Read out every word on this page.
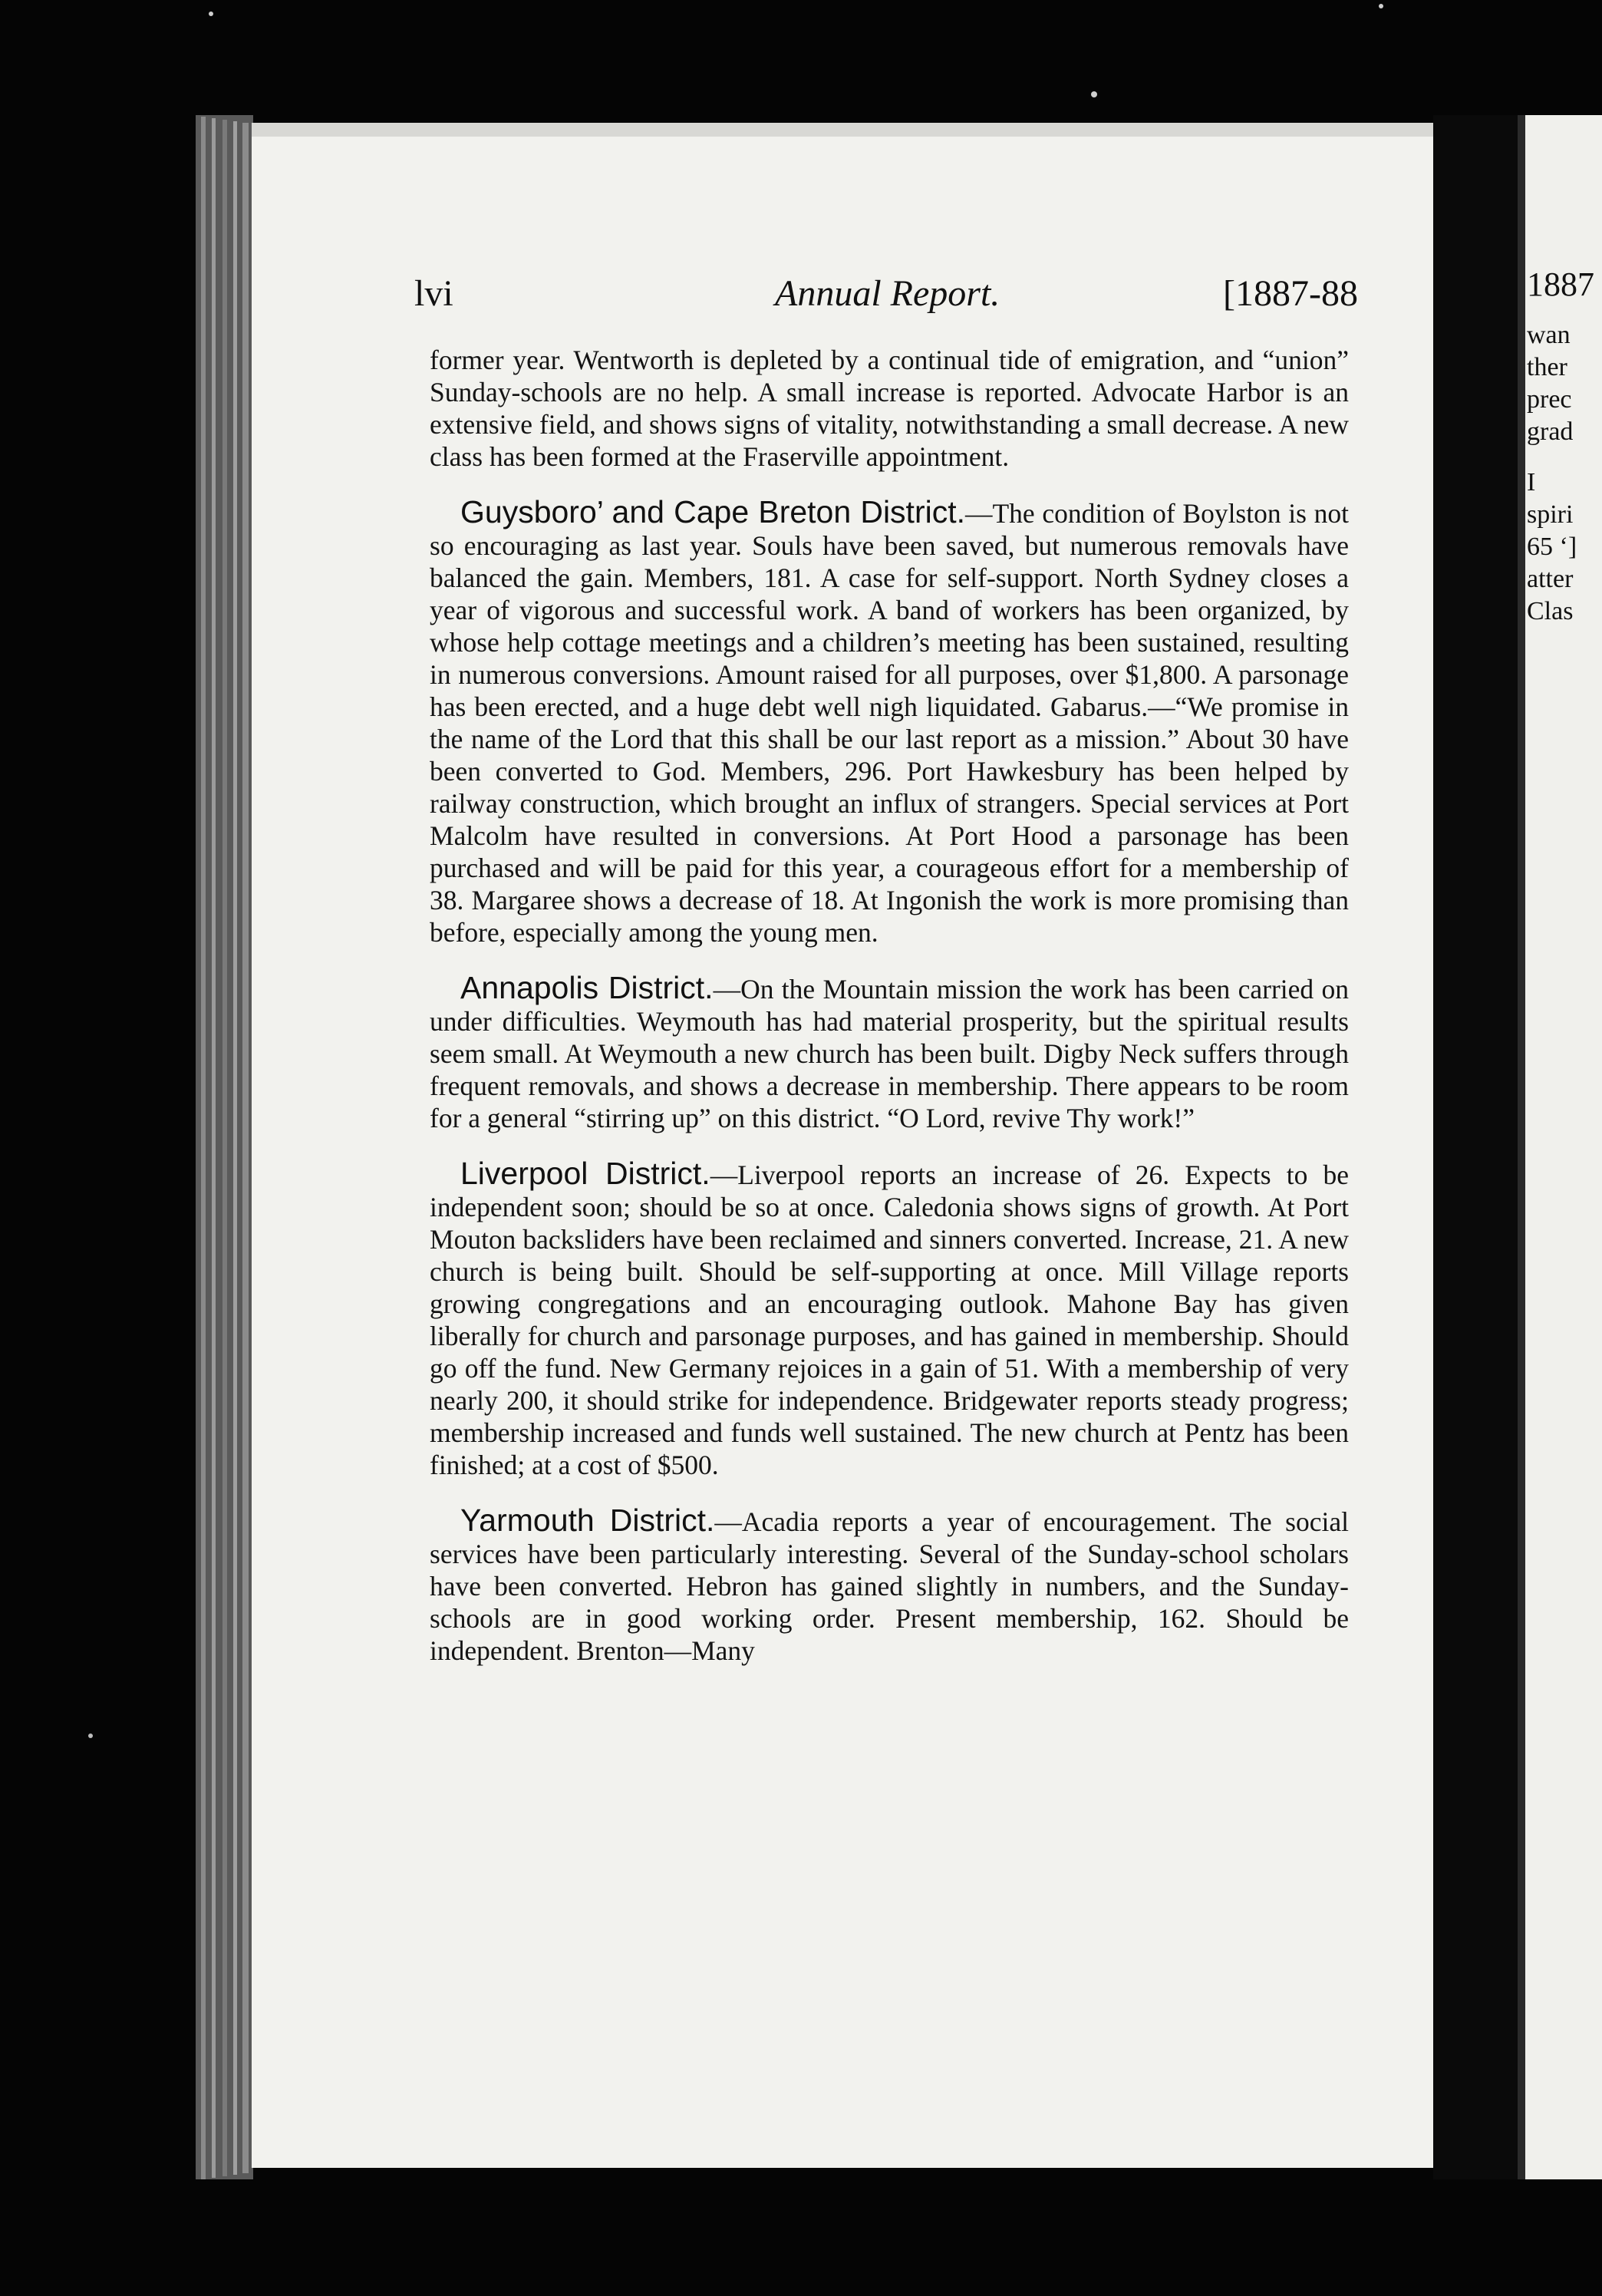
lvi	Annual Report.	[1887-88

former year. Wentworth is depleted by a continual tide of emigration, and “union” Sunday-schools are no help. A small increase is reported. Advocate Harbor is an extensive field, and shows signs of vitality, notwithstanding a small decrease. A new class has been formed at the Fraserville appointment.

Guysboro’ and Cape Breton District.—The condition of Boylston is not so encouraging as last year. Souls have been saved, but numerous removals have balanced the gain. Members, 181. A case for self-support. North Sydney closes a year of vigorous and successful work. A band of workers has been organized, by whose help cottage meetings and a children’s meeting has been sustained, resulting in numerous conversions. Amount raised for all purposes, over $1,800. A parsonage has been erected, and a huge debt well nigh liquidated. Gabarus.—“We promise in the name of the Lord that this shall be our last report as a mission.” About 30 have been converted to God. Members, 296. Port Hawkesbury has been helped by railway construction, which brought an influx of strangers. Special services at Port Malcolm have resulted in conversions. At Port Hood a parsonage has been purchased and will be paid for this year, a courageous effort for a membership of 38. Margaree shows a decrease of 18. At Ingonish the work is more promising than before, especially among the young men.

Annapolis District.—On the Mountain mission the work has been carried on under difficulties. Weymouth has had material prosperity, but the spiritual results seem small. At Weymouth a new church has been built. Digby Neck suffers through frequent removals, and shows a decrease in membership. There appears to be room for a general “stirring up” on this district. “O Lord, revive Thy work!”

Liverpool District.—Liverpool reports an increase of 26. Expects to be independent soon; should be so at once. Caledonia shows signs of growth. At Port Mouton backsliders have been reclaimed and sinners converted. Increase, 21. A new church is being built. Should be self-supporting at once. Mill Village reports growing congregations and an encouraging outlook. Mahone Bay has given liberally for church and parsonage purposes, and has gained in membership. Should go off the fund. New Germany rejoices in a gain of 51. With a membership of very nearly 200, it should strike for independence. Bridgewater reports steady progress; membership increased and funds well sustained. The new church at Pentz has been finished; at a cost of $500.

Yarmouth District.—Acadia reports a year of encouragement. The social services have been particularly interesting. Several of the Sunday-school scholars have been converted. Hebron has gained slightly in numbers, and the Sunday-schools are in good working order. Present membership, 162. Should be independent. Brenton—Many

1887
wan
ther
prec
grad
I
spiri
65 ‘]
atter
Clas
